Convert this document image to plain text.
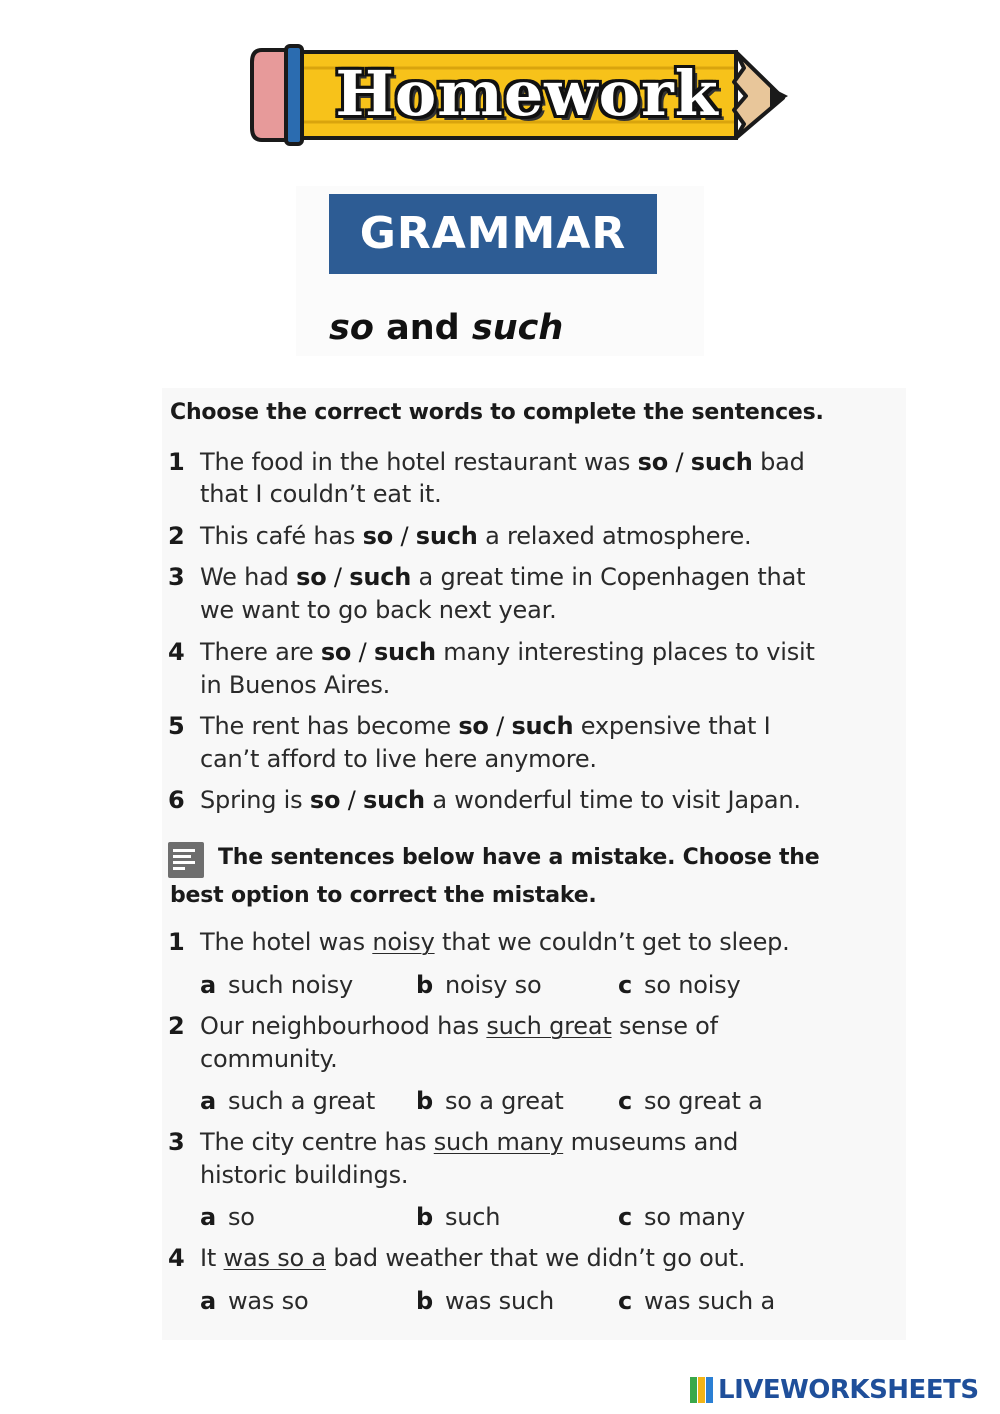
Homework
GRAMMAR
so and such
Choose the correct words to complete the sentences.
1 The food in the hotel restaurant was so / such bad
that I couldn’t eat it.
2 This café has so / such a relaxed atmosphere.
3 We had so / such a great time in Copenhagen that
we want to go back next year.
4 There are so / such many interesting places to visit
in Buenos Aires.
5 The rent has become so / such expensive that I
can’t afford to live here anymore.
6 Spring is so / such a wonderful time to visit Japan.
The sentences below have a mistake. Choose the
best option to correct the mistake.
1 The hotel was noisy that we couldn’t get to sleep.
a such noisy	b noisy so	c so noisy
2 Our neighbourhood has such great sense of
community.
a such a great b so a great c so great a
3 The city centre has such many museums and
historic buildings.
a so	b such	c so many
4 It was so a bad weather that we didn’t go out.
a was so	b was such	c was such a
LIVEWORKSHEETS
